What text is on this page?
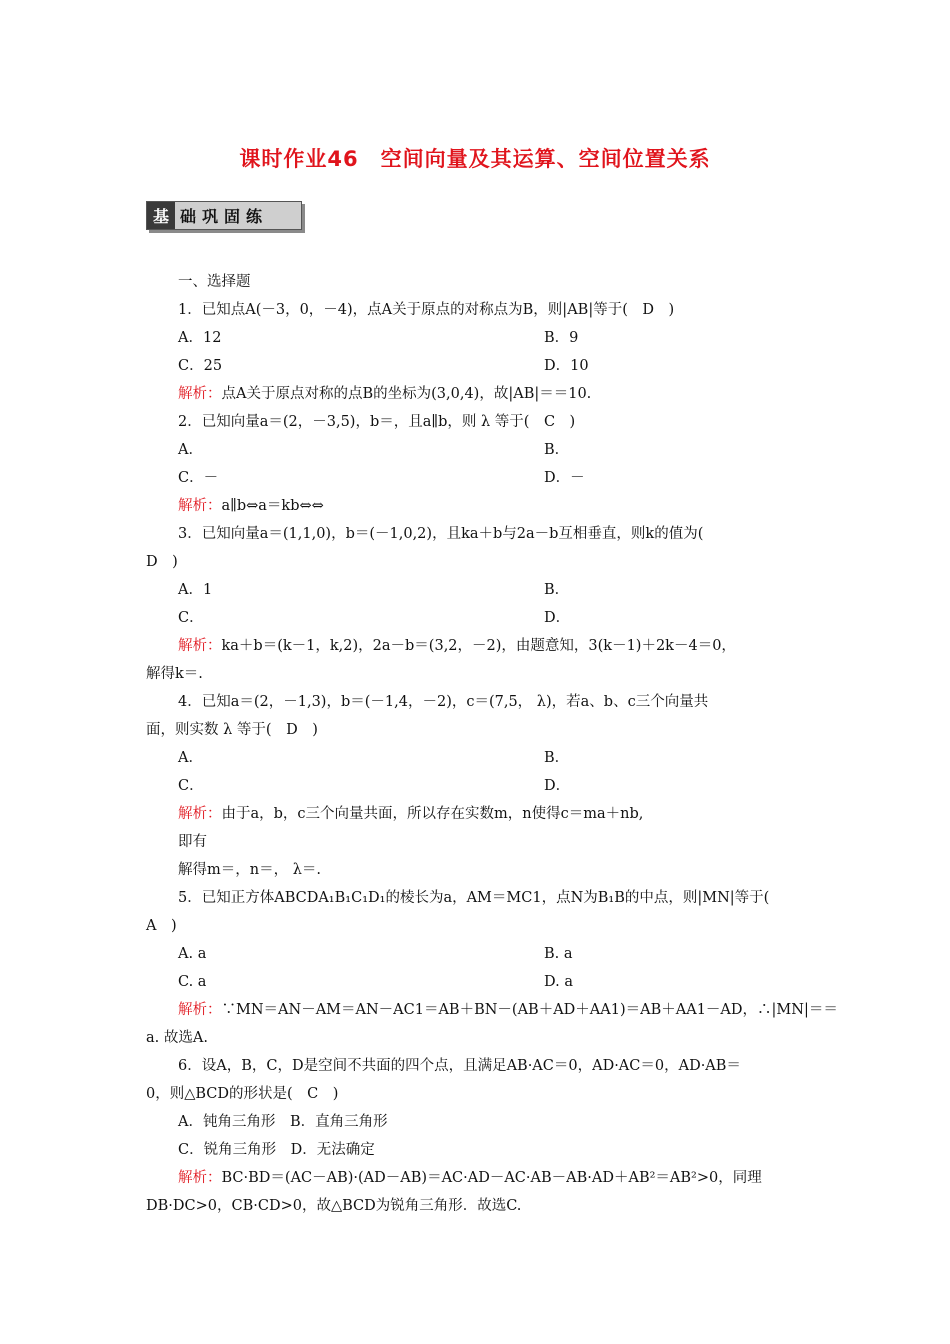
课时作业46　空间向量及其运算、空间位置关系
基 础巩固练
一、选择题
1．已知点A(－3，0，－4)，点A关于原点的对称点为B，则|AB|等于(　D　)
A．12	B．9
C．25	D．10
解析：点A关于原点对称的点B的坐标为(3,0,4)，故|AB|＝＝10.
2．已知向量a＝(2，－3,5)，b＝，且a∥b，则 λ 等于(　C　)
A．	B．
C．－	D．－
解析：a∥b⇔a＝kb⇔⇔
3．已知向量a＝(1,1,0)，b＝(－1,0,2)，且ka＋b与2a－b互相垂直，则k的值为(
D　)
A．1	B．
C．	D．
解析：ka＋b＝(k－1，k,2)，2a－b＝(3,2，－2)，由题意知，3(k－1)＋2k－4＝0，
解得k＝.
4．已知a＝(2，－1,3)，b＝(－1,4，－2)，c＝(7,5， λ)，若a、b、c三个向量共
面，则实数 λ 等于(　D　)
A．	B．
C．	D．
解析：由于a，b，c三个向量共面，所以存在实数m，n使得c＝ma＋nb,
即有
解得m＝，n＝， λ＝.
5．已知正方体ABCDA₁B₁C₁D₁的棱长为a，AM＝MC1，点N为B₁B的中点，则|MN|等于(
A　)
A. a	B. a
C. a	D. a
解析：∵MN＝AN－AM＝AN－AC1＝AB＋BN－(AB＋AD＋AA1)＝AB＋AA1－AD，∴|MN|＝＝
a. 故选A.
6．设A，B，C，D是空间不共面的四个点，且满足AB·AC＝0，AD·AC＝0，AD·AB＝
0，则△BCD的形状是(　C　)
A．钝角三角形　B．直角三角形
C．锐角三角形　D．无法确定
解析：BC·BD＝(AC－AB)·(AD－AB)＝AC·AD－AC·AB－AB·AD＋AB²＝AB²>0，同理
DB·DC>0，CB·CD>0，故△BCD为锐角三角形．故选C.
